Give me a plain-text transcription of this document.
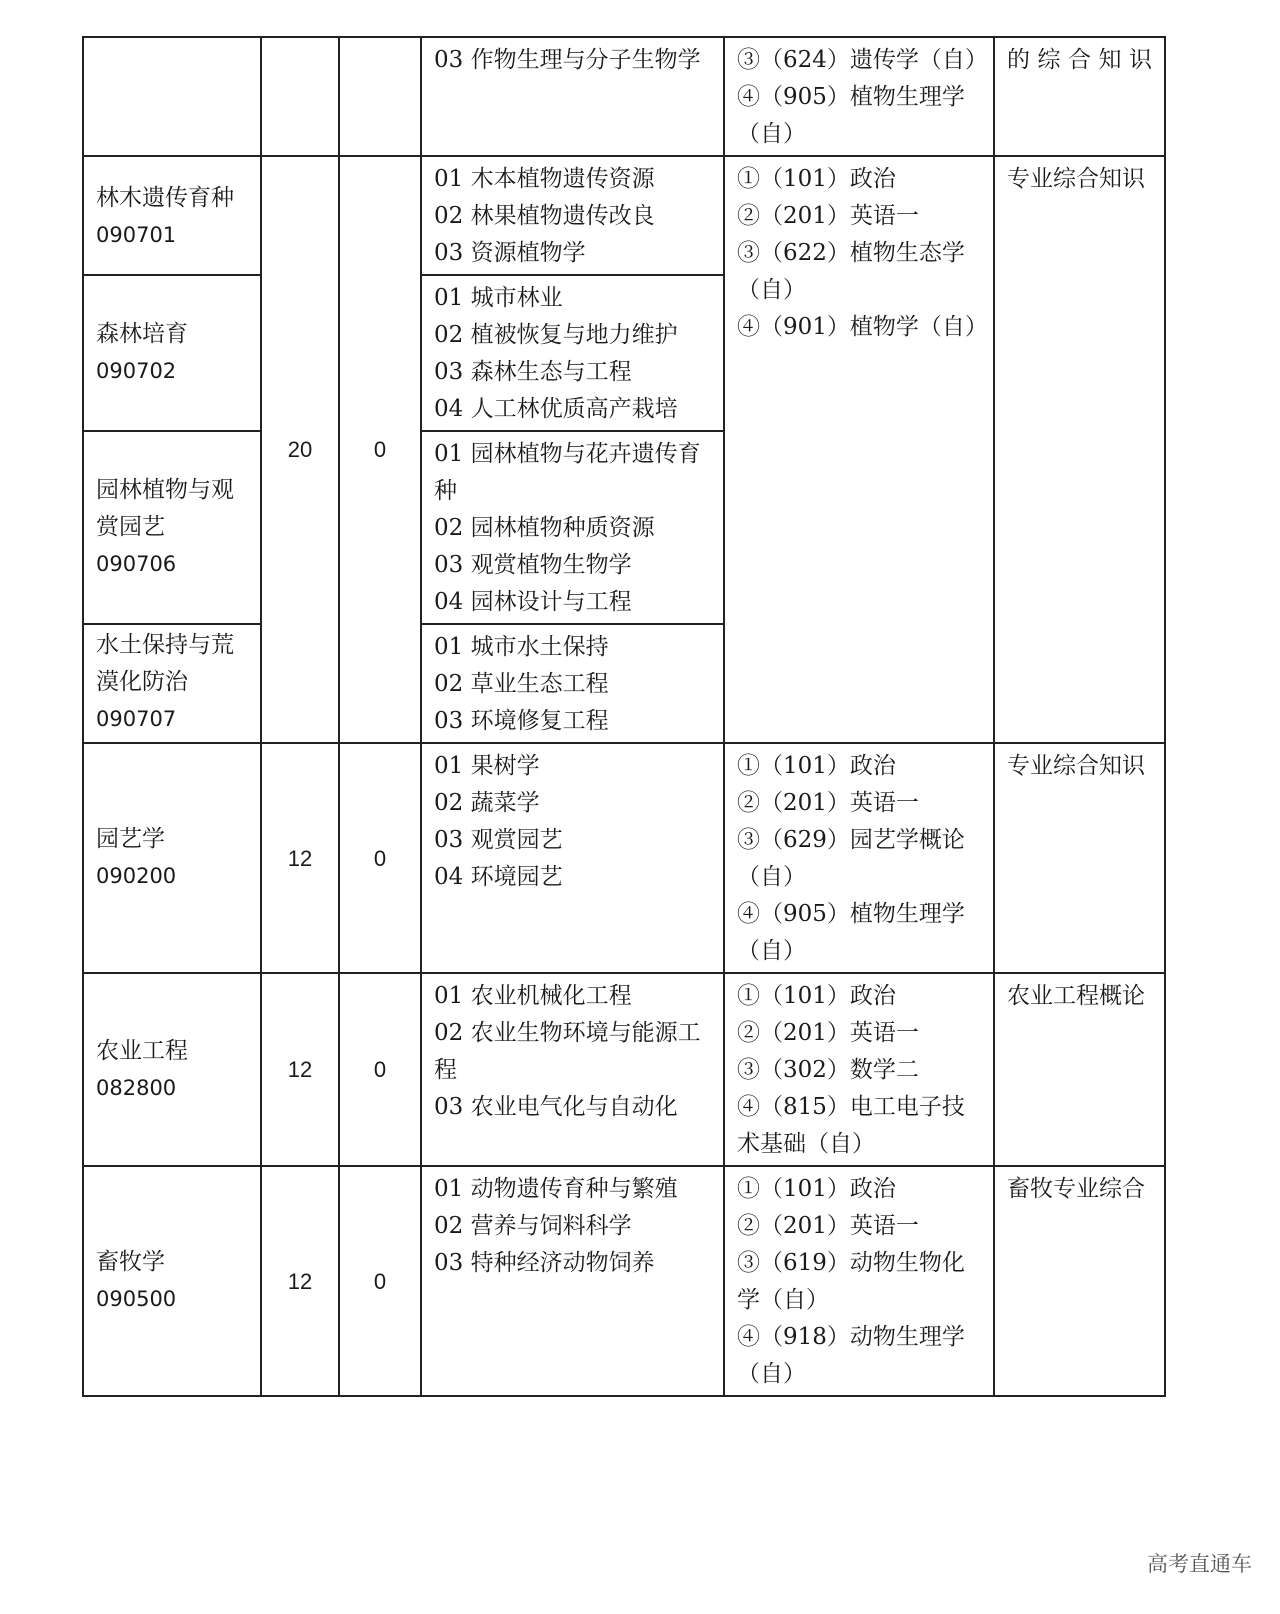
			03 作物生理与分子生物学	③（624）遗传学（自）
④（905）植物生理学（自）	的 综 合 知 识

林木遗传育种
090701	20	0	01 木本植物遗传资源
02 林果植物遗传改良
03 资源植物学	①（101）政治
②（201）英语一
③（622）植物生态学（自）
④（901）植物学（自）	专业综合知识

森林培育
090702			01 城市林业
02 植被恢复与地力维护
03 森林生态与工程
04 人工林优质高产栽培		

园林植物与观赏园艺
090706			01 园林植物与花卉遗传育种
02 园林植物种质资源
03 观赏植物生物学
04 园林设计与工程		

水土保持与荒漠化防治
090707			01 城市水土保持
02 草业生态工程
03 环境修复工程		

园艺学
090200	12	0	01 果树学
02 蔬菜学
03 观赏园艺
04 环境园艺	①（101）政治
②（201）英语一
③（629）园艺学概论（自）
④（905）植物生理学（自）	专业综合知识

农业工程
082800	12	0	01 农业机械化工程
02 农业生物环境与能源工程
03 农业电气化与自动化	①（101）政治
②（201）英语一
③（302）数学二
④（815）电工电子技术基础（自）	农业工程概论

畜牧学
090500	12	0	01 动物遗传育种与繁殖
02 营养与饲料科学
03 特种经济动物饲养	①（101）政治
②（201）英语一
③（619）动物生物化学（自）
④（918）动物生理学（自）	畜牧专业综合
高考直通车
